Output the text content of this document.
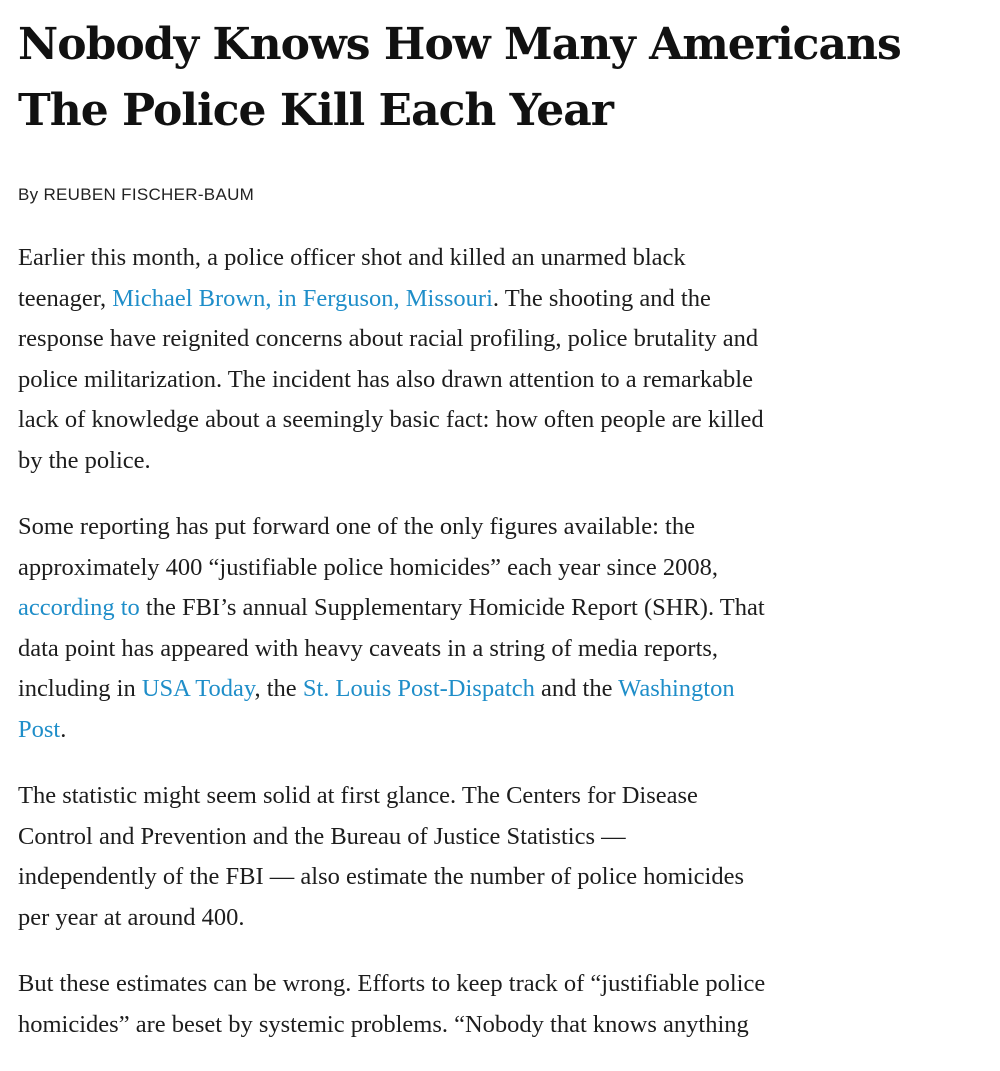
Nobody Knows How Many Americans
The Police Kill Each Year
By REUBEN FISCHER-BAUM

Earlier this month, a police officer shot and killed an unarmed black
teenager, Michael Brown, in Ferguson, Missouri. The shooting and the
response have reignited concerns about racial profiling, police brutality and
police militarization. The incident has also drawn attention to a remarkable
lack of knowledge about a seemingly basic fact: how often people are killed
by the police.

Some reporting has put forward one of the only figures available: the
approximately 400 “justifiable police homicides” each year since 2008,
according to the FBI’s annual Supplementary Homicide Report (SHR). That
data point has appeared with heavy caveats in a string of media reports,
including in USA Today, the St. Louis Post-Dispatch and the Washington
Post.

The statistic might seem solid at first glance. The Centers for Disease
Control and Prevention and the Bureau of Justice Statistics —
independently of the FBI — also estimate the number of police homicides
per year at around 400.

But these estimates can be wrong. Efforts to keep track of “justifiable police
homicides” are beset by systemic problems. “Nobody that knows anything
